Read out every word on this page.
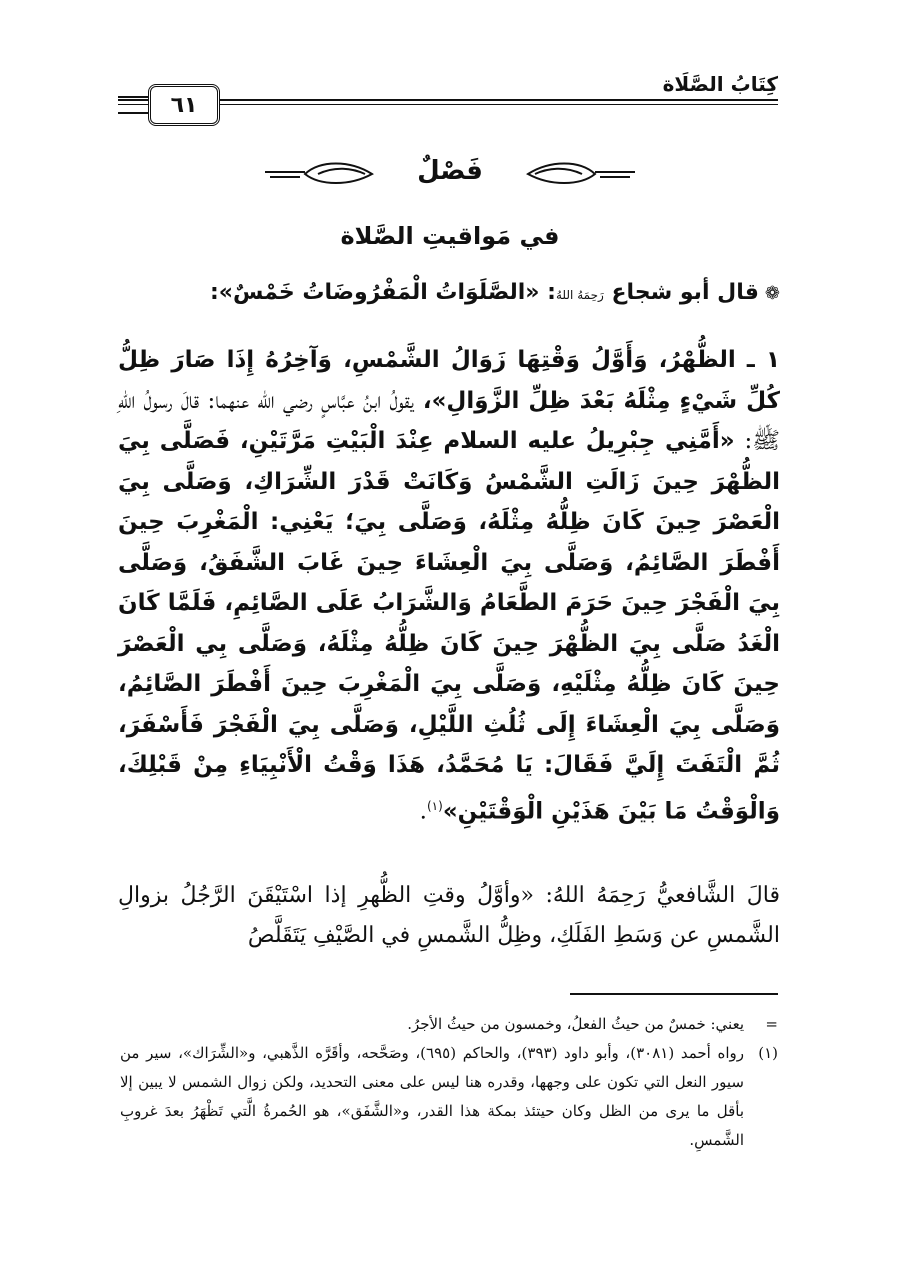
كِتَابُ الصَّلَاة
٦١
فَصْلٌ
في مَواقيتِ الصَّلاة
❁قال أبو شجاع رَحِمَهُ اللهُ: «الصَّلَوَاتُ الْمَفْرُوضَاتُ خَمْسٌ»:
١ ـ الظُّهْرُ، وَأَوَّلُ وَقْتِهَا زَوَالُ الشَّمْسِ، وَآخِرُهُ إِذَا صَارَ ظِلُّ كُلِّ شَيْءٍ مِثْلَهُ بَعْدَ ظِلِّ الزَّوَالِ»، يقولُ ابنُ عبَّاسٍ رضي الله عنهما: قالَ رسولُ اللهِ ﷺ: «أَمَّنِي جِبْرِيلُ عليه السلام عِنْدَ الْبَيْتِ مَرَّتَيْنِ، فَصَلَّى بِيَ الظُّهْرَ حِينَ زَالَتِ الشَّمْسُ وَكَانَتْ قَدْرَ الشِّرَاكِ، وَصَلَّى بِيَ الْعَصْرَ حِينَ كَانَ ظِلُّهُ مِثْلَهُ، وَصَلَّى بِيَ؛ يَعْنِي: الْمَغْرِبَ حِينَ أَفْطَرَ الصَّائِمُ، وَصَلَّى بِيَ الْعِشَاءَ حِينَ غَابَ الشَّفَقُ، وَصَلَّى بِيَ الْفَجْرَ حِينَ حَرَمَ الطَّعَامُ وَالشَّرَابُ عَلَى الصَّائِمِ، فَلَمَّا كَانَ الْغَدُ صَلَّى بِيَ الظُّهْرَ حِينَ كَانَ ظِلُّهُ مِثْلَهُ، وَصَلَّى بِي الْعَصْرَ حِينَ كَانَ ظِلُّهُ مِثْلَيْهِ، وَصَلَّى بِيَ الْمَغْرِبَ حِينَ أَفْطَرَ الصَّائِمُ، وَصَلَّى بِيَ الْعِشَاءَ إِلَى ثُلُثِ اللَّيْلِ، وَصَلَّى بِيَ الْفَجْرَ فَأَسْفَرَ، ثُمَّ الْتَفَتَ إِلَيَّ فَقَالَ: يَا مُحَمَّدُ، هَذَا وَقْتُ الْأَنْبِيَاءِ مِنْ قَبْلِكَ، وَالْوَقْتُ مَا بَيْنَ هَذَيْنِ الْوَقْتَيْنِ»$^{(١)}$.
قالَ الشَّافعيُّ رَحِمَهُ اللهُ: «وأوَّلُ وقتِ الظُّهرِ إذا اسْتَيْقَنَ الرَّجُلُ بزوالِ الشَّمسِ عن وَسَطِ الفَلَكِ، وظِلُّ الشَّمسِ في الصَّيْفِ يَتَقَلَّصُ
=
يعني: خمسٌ من حيثُ الفعلُ، وخمسون من حيثُ الأجرُ.
(١)
رواه أحمد (٣٠٨١)، وأبو داود (٣٩٣)، والحاكم (٦٩٥)، وصَحَّحه، وأقَرَّه الذَّهبي، و«الشِّرَاك»، سير من سيور النعل التي تكون على وجهها، وقدره هنا ليس على معنى التحديد، ولكن زوال الشمس لا يبين إلا بأقل ما يرى من الظل وكان حيتئذ بمكة هذا القدر، و«الشَّفَق»، هو الحُمرةُ الَّتي تَظْهَرُ بعدَ غروبِ الشَّمسِ.
